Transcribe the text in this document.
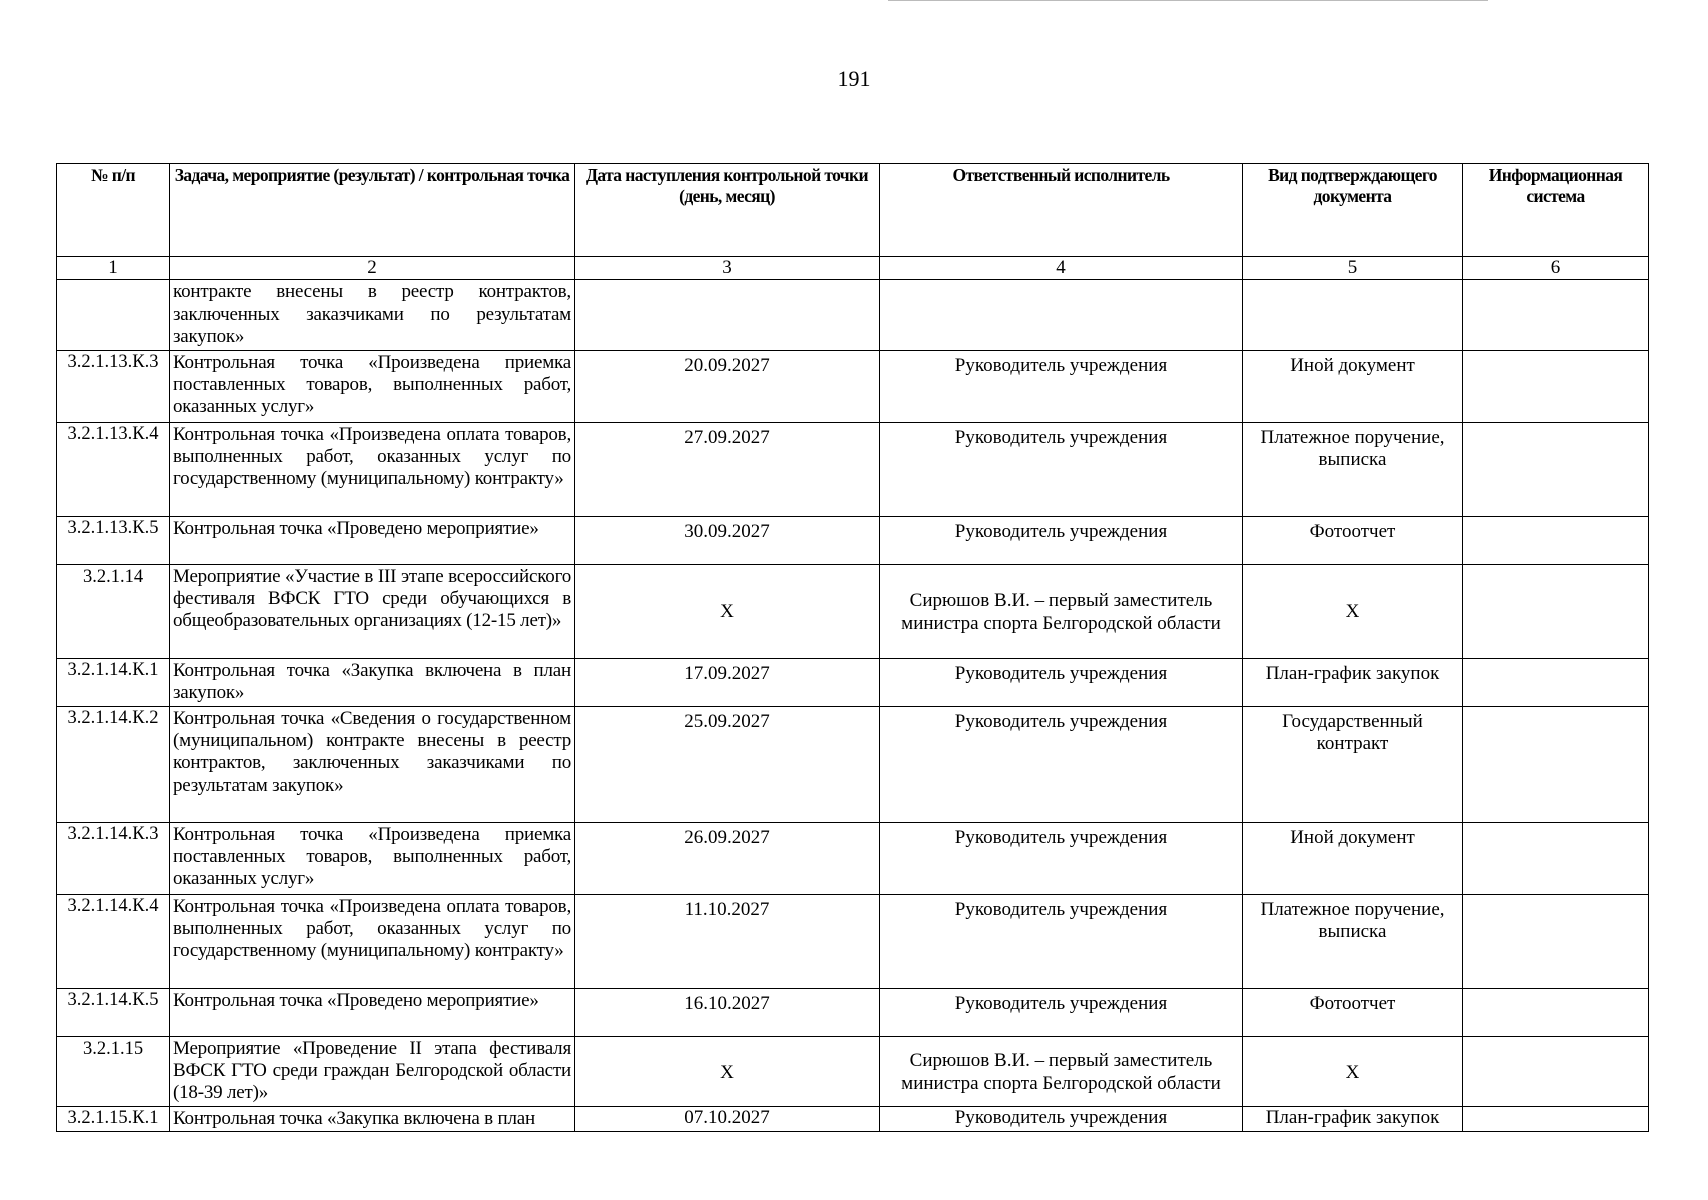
191
№ п/п	Задача, мероприятие (результат) / контрольная точка	Дата наступления контрольной точки (день, месяц)	Ответственный исполнитель	Вид подтверждающего документа	Информационная система
1	2	3	4	5	6
	контракте внесены в реестр контрактов, заключенных заказчиками по результатам закупок»				
3.2.1.13.К.3	Контрольная точка «Произведена приемка поставленных товаров, выполненных работ, оказанных услуг»	20.09.2027	Руководитель учреждения	Иной документ	
3.2.1.13.К.4	Контрольная точка «Произведена оплата товаров, выполненных работ, оказанных услуг по государственному (муниципальному) контракту»	27.09.2027	Руководитель учреждения	Платежное поручение, выписка	
3.2.1.13.К.5	Контрольная точка «Проведено мероприятие»	30.09.2027	Руководитель учреждения	Фотоотчет	
3.2.1.14	Мероприятие «Участие в III этапе всероссийского фестиваля ВФСК ГТО среди обучающихся в общеобразовательных организациях (12-15 лет)»	Х	Сирюшов В.И. – первый заместитель министра спорта Белгородской области	Х	
3.2.1.14.К.1	Контрольная точка «Закупка включена в план закупок»	17.09.2027	Руководитель учреждения	План-график закупок	
3.2.1.14.К.2	Контрольная точка «Сведения о государственном (муниципальном) контракте внесены в реестр контрактов, заключенных заказчиками по результатам закупок»	25.09.2027	Руководитель учреждения	Государственный контракт	
3.2.1.14.К.3	Контрольная точка «Произведена приемка поставленных товаров, выполненных работ, оказанных услуг»	26.09.2027	Руководитель учреждения	Иной документ	
3.2.1.14.К.4	Контрольная точка «Произведена оплата товаров, выполненных работ, оказанных услуг по государственному (муниципальному) контракту»	11.10.2027	Руководитель учреждения	Платежное поручение, выписка	
3.2.1.14.К.5	Контрольная точка «Проведено мероприятие»	16.10.2027	Руководитель учреждения	Фотоотчет	
3.2.1.15	Мероприятие «Проведение II этапа фестиваля ВФСК ГТО среди граждан Белгородской области (18-39 лет)»	Х	Сирюшов В.И. – первый заместитель министра спорта Белгородской области	Х	
3.2.1.15.К.1	Контрольная точка «Закупка включена в план	07.10.2027	Руководитель учреждения	План-график закупок	
